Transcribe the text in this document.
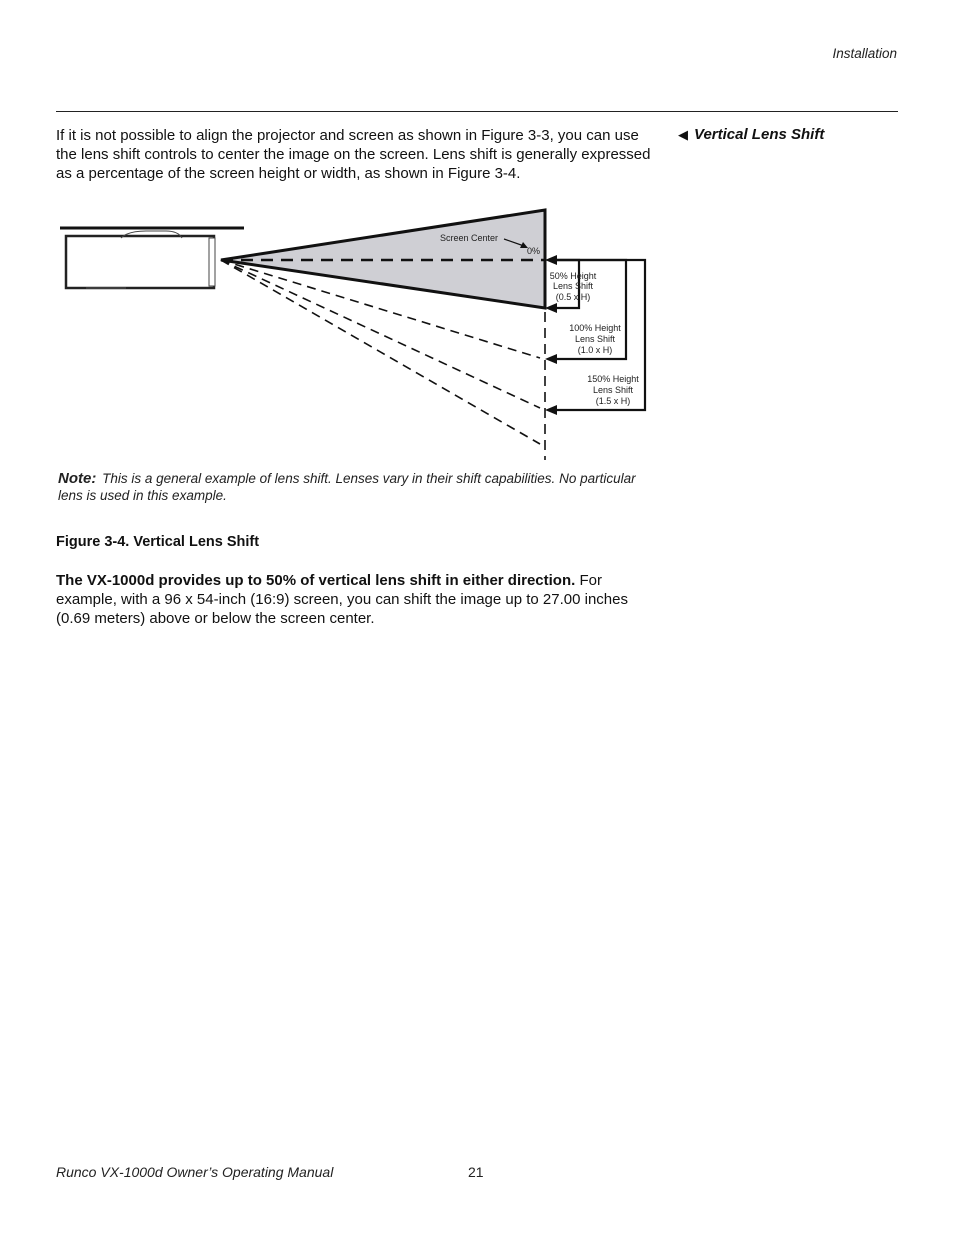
Installation
◀ Vertical Lens Shift
If it is not possible to align the projector and screen as shown in Figure 3-3, you can use the lens shift controls to center the image on the screen. Lens shift is generally expressed as a percentage of the screen height or width, as shown in Figure 3-4.
Screen Center
0%
50% Height
Lens Shift
(0.5 x H)
100% Height
Lens Shift
(1.0 x H)
150% Height
Lens Shift
(1.5 x H)
Note: This is a general example of lens shift. Lenses vary in their shift capabilities. No particular lens is used in this example.
Figure 3-4. Vertical Lens Shift
The VX-1000d provides up to 50% of vertical lens shift in either direction. For example, with a 96 x 54-inch (16:9) screen, you can shift the image up to 27.00 inches (0.69 meters) above or below the screen center.
Runco VX-1000d Owner’s Operating Manual	21
